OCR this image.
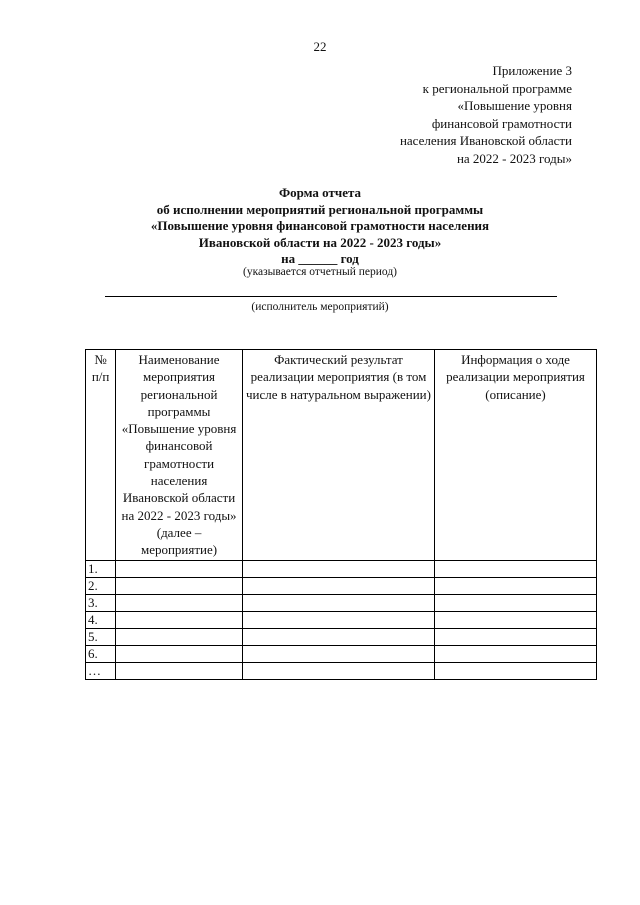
22
Приложение 3
к региональной программе
«Повышение уровня
финансовой грамотности
населения Ивановской области
на 2022 - 2023 годы»
Форма отчета
об исполнении мероприятий региональной программы
«Повышение уровня финансовой грамотности населения
Ивановской области на 2022 - 2023 годы»
на ______ год
(указывается отчетный период)
(исполнитель мероприятий)
№ п/п	Наименование мероприятия региональной программы «Повышение уровня финансовой грамотности населения Ивановской области на 2022 - 2023 годы» (далее – мероприятие)	Фактический результат реализации мероприятия (в том числе в натуральном выражении)	Информация о ходе реализации мероприятия (описание)
1.			
2.			
3.			
4.			
5.			
6.			
…			
